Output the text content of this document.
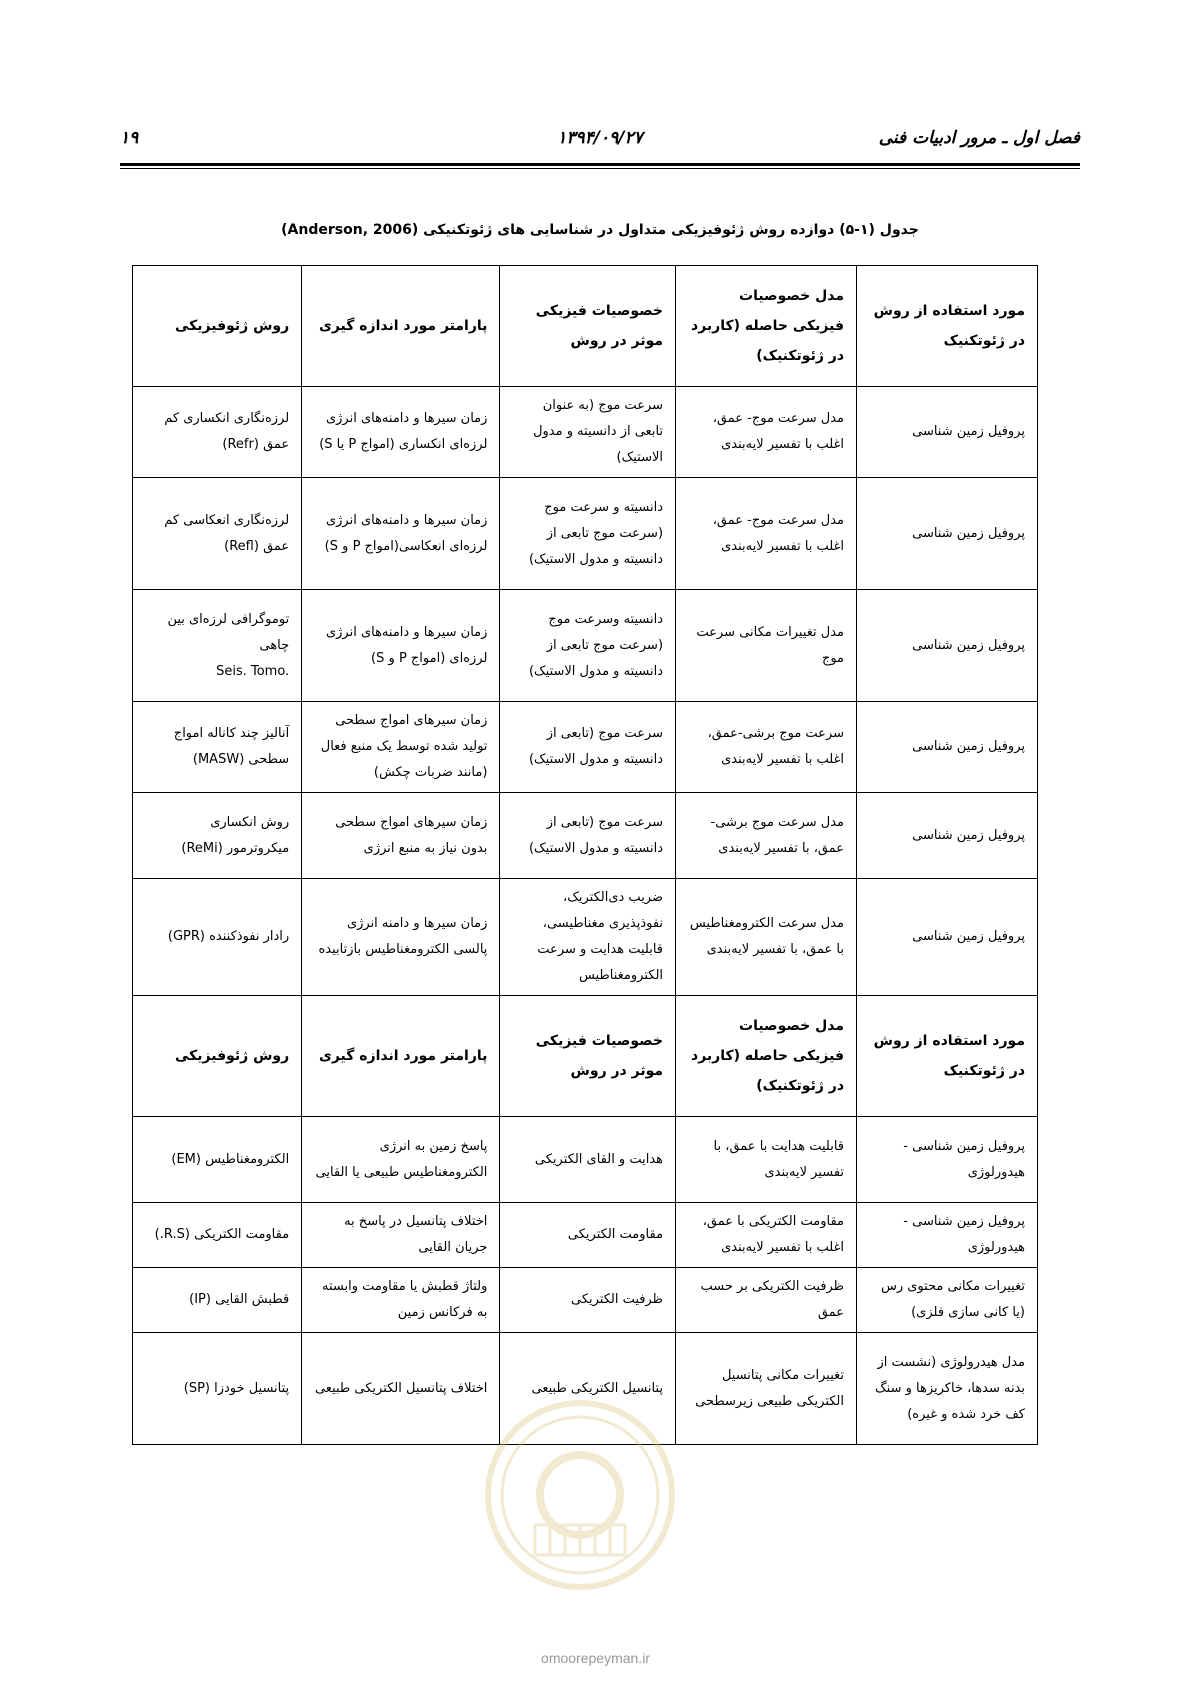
فصل اول ـ مرور ادبیات فنی
۱۳۹۴/۰۹/۲۷
۱۹
جدول (۱-۵) دوازده روش ژئوفیزیکی متداول در شناسایی های ژئوتکنیکی (Anderson, 2006)
مورد استفاده از روش در ژئوتکنیک	مدل خصوصیات فیزیکی حاصله (کاربرد در ژئوتکنیک)	خصوصیات فیزیکی موثر در روش	پارامتر مورد اندازه گیری	روش ژئوفیزیکی
پروفیل زمین شناسی	مدل سرعت موج- عمق، اغلب با تفسیر لایه‌بندی	سرعت موج (به عنوان تابعی از دانسیته و مدول الاستیک)	زمان سیرها و دامنه‌های انرژی لرزه‌ای انکساری (امواج P یا S)	لرزه‌نگاری انکساری کم عمق (Refr)
پروفیل زمین شناسی	مدل سرعت موج- عمق، اغلب با تفسیر لایه‌بندی	دانسیته و سرعت موج (سرعت موج تابعی از دانسیته و مدول الاستیک)	زمان سیرها و دامنه‌های انرژی لرزه‌ای انعکاسی(امواج P و S)	لرزه‌نگاری انعکاسی کم عمق (Refl)
پروفیل زمین شناسی	مدل تغییرات مکانی سرعت موج	دانسیته وسرعت موج (سرعت موج تابعی از دانسیته و مدول الاستیک)	زمان سیرها و دامنه‌های انرژی لرزه‌ای (امواج P و S)	توموگرافی لرزه‌ای بین چاهی
Seis. Tomo.

پروفیل زمین شناسی	سرعت موج برشی-عمق، اغلب با تفسیر لایه‌بندی	سرعت موج (تابعی از دانسیته و مدول الاستیک)	زمان سیرهای امواج سطحی تولید شده توسط یک منبع فعال (مانند ضربات چکش)	آنالیز چند کاناله امواج سطحی (MASW)
پروفیل زمین شناسی	مدل سرعت موج برشی- عمق، با تفسیر لایه‌بندی	سرعت موج (تابعی از دانسیته و مدول الاستیک)	زمان سیرهای امواج سطحی بدون نیاز به منبع انرژی	روش انکساری میکروترمور (ReMi)
پروفیل زمین شناسی	مدل سرعت الکترومغناطیس با عمق، با تفسیر لایه‌بندی	ضریب دی‌الکتریک، نفوذپذیری مغناطیسی، قابلیت هدایت و سرعت الکترومغناطیس	زمان سیرها و دامنه انرژی پالسی الکترومغناطیس بازتابیده	رادار نفوذکننده (GPR)
مورد استفاده از روش در ژئوتکنیک	مدل خصوصیات فیزیکی حاصله (کاربرد در ژئوتکنیک)	خصوصیات فیزیکی موثر در روش	پارامتر مورد اندازه گیری	روش ژئوفیزیکی
پروفیل زمین شناسی - هیدورلوژی	قابلیت هدایت با عمق، با تفسیر لایه‌بندی	هدایت و القای الکتریکی	پاسخ زمین به انرژی الکترومغناطیس طبیعی یا القایی	الکترومغناطیس (EM)
پروفیل زمین شناسی - هیدورلوژی	مقاومت الکتریکی با عمق، اغلب با تفسیر لایه‌بندی	مقاومت الکتریکی	اختلاف پتانسیل در پاسخ به جریان القایی	مقاومت الکتریکی (R.S.)
تغییرات مکانی محتوی رس (یا کانی سازی فلزی)	ظرفیت الکتریکی بر حسب عمق	ظرفیت الکتریکی	ولتاژ قطبش یا مقاومت وابسته به فرکانس زمین	قطبش القایی (IP)
مدل هیدرولوژی (نشست از بدنه سدها، خاکریزها و سنگ کف خرد شده و غیره)	تغییرات مکانی پتانسیل الکتریکی طبیعی زیرسطحی	پتانسیل الکتریکی طبیعی	اختلاف پتانسیل الکتریکی طبیعی	پتانسیل خودزا (SP)
omoorepeyman.ir
